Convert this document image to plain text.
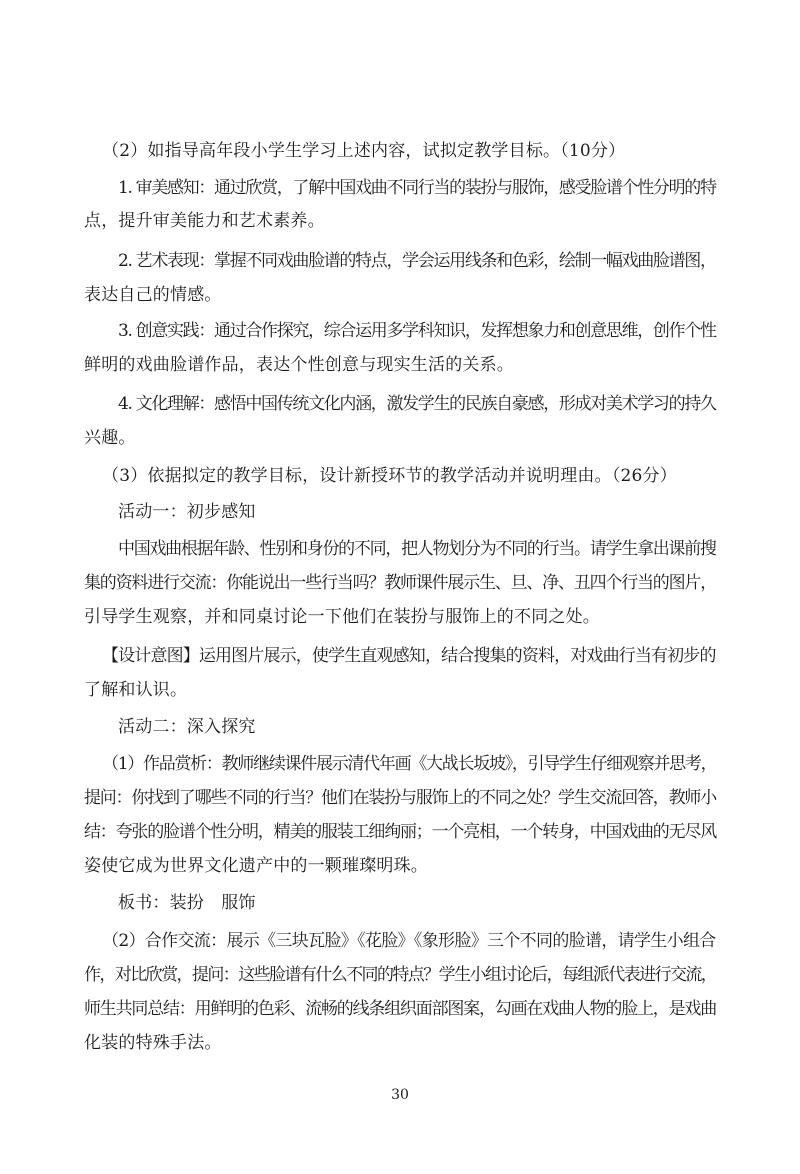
（2）如指导高年段小学生学习上述内容，试拟定教学目标。（10分）
1. 审美感知：通过欣赏，了解中国戏曲不同行当的装扮与服饰，感受脸谱个性分明的特
点，提升审美能力和艺术素养。
2. 艺术表现：掌握不同戏曲脸谱的特点，学会运用线条和色彩，绘制一幅戏曲脸谱图，
表达自己的情感。
3. 创意实践：通过合作探究，综合运用多学科知识，发挥想象力和创意思维，创作个性
鲜明的戏曲脸谱作品，表达个性创意与现实生活的关系。
4. 文化理解：感悟中国传统文化内涵，激发学生的民族自豪感，形成对美术学习的持久
兴趣。
（3）依据拟定的教学目标，设计新授环节的教学活动并说明理由。（26分）
活动一：初步感知
中国戏曲根据年龄、性别和身份的不同，把人物划分为不同的行当。请学生拿出课前搜
集的资料进行交流：你能说出一些行当吗？教师课件展示生、旦、净、丑四个行当的图片，
引导学生观察，并和同桌讨论一下他们在装扮与服饰上的不同之处。
【设计意图】运用图片展示，使学生直观感知，结合搜集的资料，对戏曲行当有初步的
了解和认识。
活动二：深入探究
（1）作品赏析：教师继续课件展示清代年画《大战长坂坡》，引导学生仔细观察并思考，
提问：你找到了哪些不同的行当？他们在装扮与服饰上的不同之处？学生交流回答，教师小
结：夸张的脸谱个性分明，精美的服装工细绚丽；一个亮相，一个转身，中国戏曲的无尽风
姿使它成为世界文化遗产中的一颗璀璨明珠。
板书：装扮　服饰
（2）合作交流：展示《三块瓦脸》《花脸》《象形脸》三个不同的脸谱，请学生小组合
作，对比欣赏，提问：这些脸谱有什么不同的特点？学生小组讨论后，每组派代表进行交流，
师生共同总结：用鲜明的色彩、流畅的线条组织面部图案，勾画在戏曲人物的脸上，是戏曲
化装的特殊手法。
30
